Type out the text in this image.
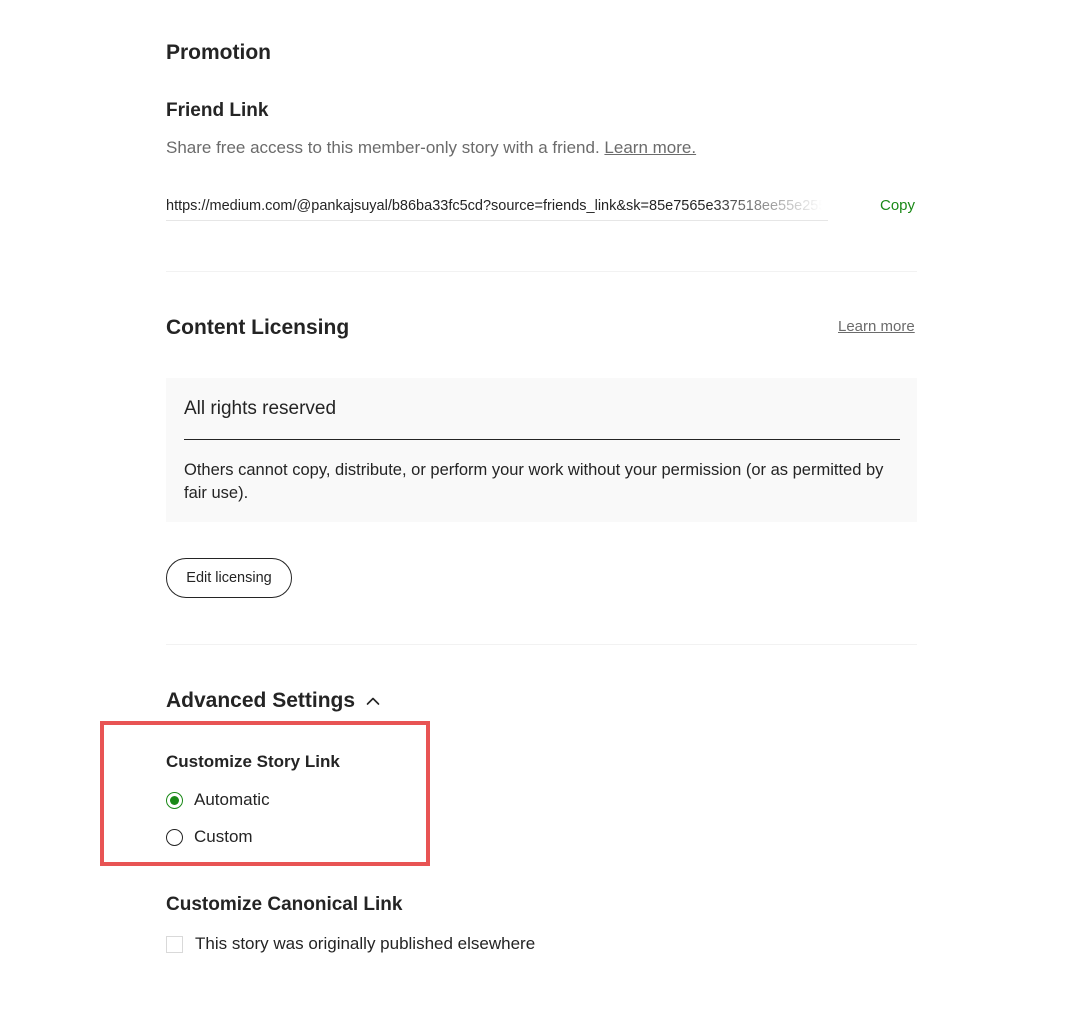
Promotion
Friend Link
Share free access to this member-only story with a friend. Learn more.
https://medium.com/@pankajsuyal/b86ba33fc5cd?source=friends_link&sk=85e7565e337518ee55e255
Copy
Content Licensing	Learn more
All rights reserved
Others cannot copy, distribute, or perform your work without your permission (or as permitted by fair use).
Edit licensing
Advanced Settings
Customize Story Link
Automatic
Custom
Customize Canonical Link
This story was originally published elsewhere
